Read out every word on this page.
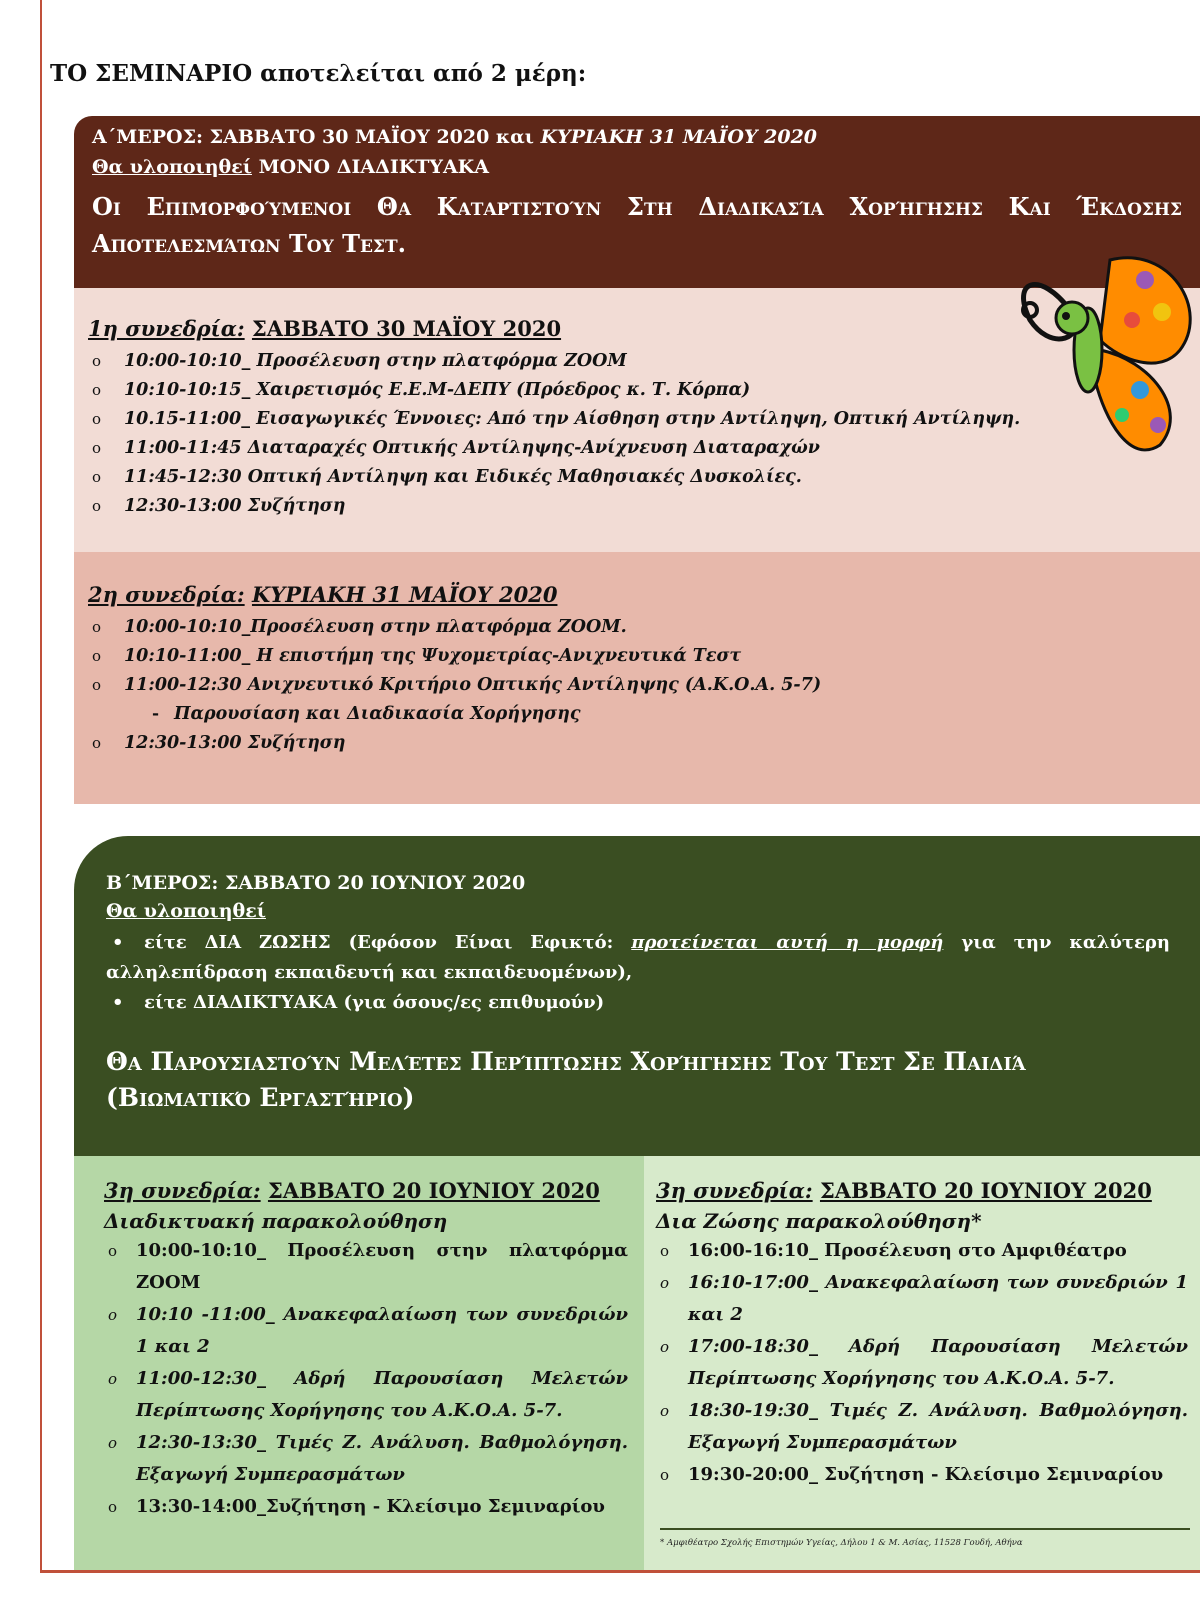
ΤΟ ΣΕΜΙΝΑΡΙΟ αποτελείται από 2 μέρη:
Α΄ΜΕΡΟΣ: ΣΑΒΒΑΤΟ 30 ΜΑΪΟΥ 2020 και ΚΥΡΙΑΚΗ 31 ΜΑΪΟΥ 2020
Θα υλοποιηθεί ΜΟΝΟ ΔΙΑΔΙΚΤΥΑΚΑ
Οι Επιμορφούμενοι Θα Καταρτιστούν Στη Διαδικασία Χορήγησης Και Έκδοσης Αποτελεσμάτων Του Τεστ.
1η συνεδρία: ΣΑΒΒΑΤΟ 30 ΜΑΪΟΥ 2020
o 10:00-10:10_ Προσέλευση στην πλατφόρμα ZOOM
o 10:10-10:15_ Χαιρετισμός Ε.Ε.Μ-ΔΕΠΥ (Πρόεδρος κ. Τ. Κόρπα)
o 10.15-11:00_ Εισαγωγικές Έννοιες: Από την Αίσθηση στην Αντίληψη, Οπτική Αντίληψη.
o 11:00-11:45 Διαταραχές Οπτικής Αντίληψης-Ανίχνευση Διαταραχών
o 11:45-12:30 Οπτική Αντίληψη και Ειδικές Μαθησιακές Δυσκολίες.
o 12:30-13:00 Συζήτηση
2η συνεδρία: ΚΥΡΙΑΚΗ 31 ΜΑΪΟΥ 2020
o 10:00-10:10_Προσέλευση στην πλατφόρμα ZOOM.
o 10:10-11:00_ Η επιστήμη της Ψυχομετρίας-Ανιχνευτικά Τεστ
o 11:00-12:30 Ανιχνευτικό Κριτήριο Οπτικής Αντίληψης (Α.Κ.Ο.Α. 5-7)
- Παρουσίαση και Διαδικασία Χορήγησης
o 12:30-13:00 Συζήτηση
Β΄ΜΕΡΟΣ: ΣΑΒΒΑΤΟ 20 ΙΟΥΝΙΟΥ 2020
Θα υλοποιηθεί
• είτε ΔΙΑ ΖΩΣΗΣ (Εφόσον Είναι Εφικτό: προτείνεται αυτή η μορφή για την καλύτερη αλληλεπίδραση εκπαιδευτή και εκπαιδευομένων),
• είτε ΔΙΑΔΙΚΤΥΑΚΑ (για όσους/ες επιθυμούν)
Θα Παρουσιαστούν Μελέτες Περίπτωσης Χορήγησης Του Τεστ Σε Παιδιά
(Βιωματικό Εργαστήριο)
3η συνεδρία: ΣΑΒΒΑΤΟ 20 ΙΟΥΝΙΟΥ 2020
Διαδικτυακή παρακολούθηση
o 10:00-10:10_ Προσέλευση στην πλατφόρμα ZOOM
o 10:10 -11:00_ Ανακεφαλαίωση των συνεδριών 1 και 2
o 11:00-12:30_ Αδρή Παρουσίαση Μελετών Περίπτωσης Χορήγησης του Α.Κ.Ο.Α. 5-7.
o 12:30-13:30_ Τιμές Ζ. Ανάλυση. Βαθμολόγηση. Εξαγωγή Συμπερασμάτων
o 13:30-14:00_Συζήτηση - Κλείσιμο Σεμιναρίου
3η συνεδρία: ΣΑΒΒΑΤΟ 20 ΙΟΥΝΙΟΥ 2020
Δια Ζώσης παρακολούθηση*
o 16:00-16:10_ Προσέλευση στο Αμφιθέατρο
o 16:10-17:00_ Ανακεφαλαίωση των συνεδριών 1 και 2
o 17:00-18:30_ Αδρή Παρουσίαση Μελετών Περίπτωσης Χορήγησης του Α.Κ.Ο.Α. 5-7.
o 18:30-19:30_ Τιμές Ζ. Ανάλυση. Βαθμολόγηση. Εξαγωγή Συμπερασμάτων
o 19:30-20:00_ Συζήτηση - Κλείσιμο Σεμιναρίου
* Αμφιθέατρο Σχολής Επιστημών Υγείας, Δήλου 1 & Μ. Ασίας, 11528 Γουδή, Αθήνα
